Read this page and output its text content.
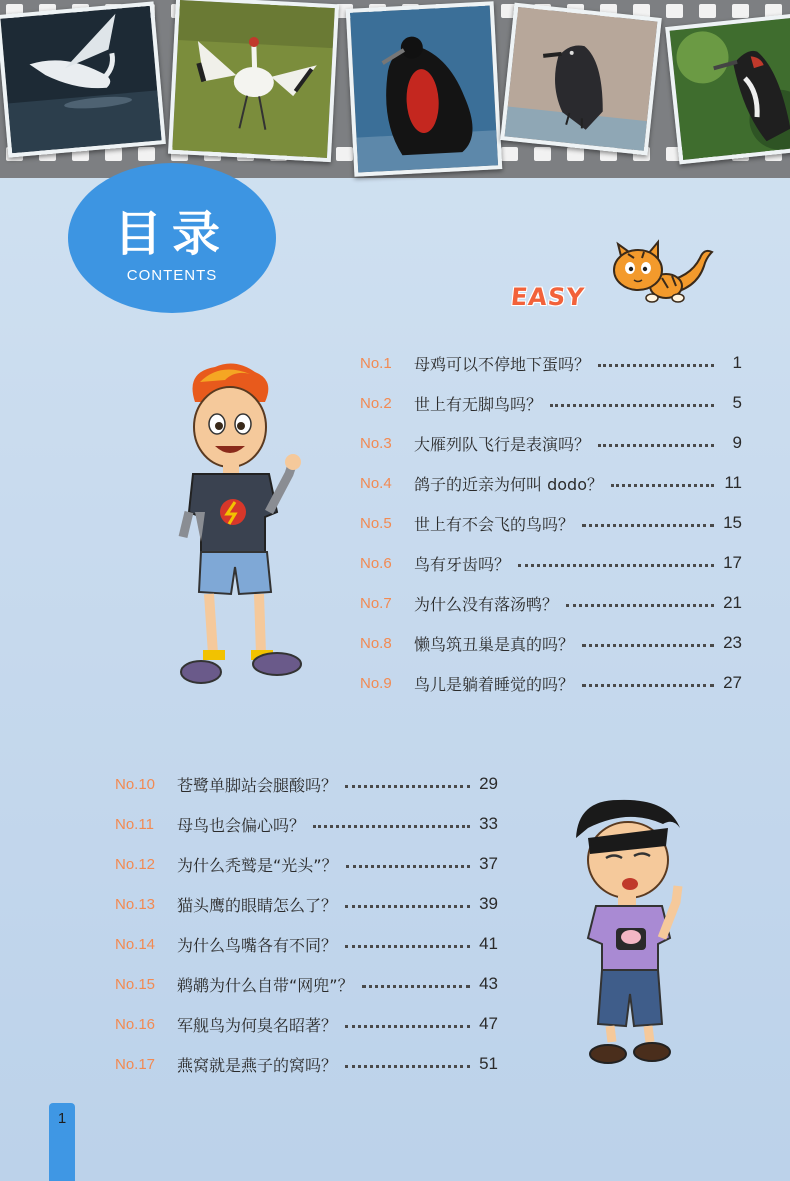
目录
CONTENTS
EASY
No.1	母鸡可以不停地下蛋吗？	1
No.2	世上有无脚鸟吗？	5
No.3	大雁列队飞行是表演吗？	9
No.4	鸽子的近亲为何叫 dodo？	11
No.5	世上有不会飞的鸟吗？	15
No.6	鸟有牙齿吗？	17
No.7	为什么没有落汤鸭？	21
No.8	懒鸟筑丑巢是真的吗？	23
No.9	鸟儿是躺着睡觉的吗？	27
No.10	苍鹭单脚站会腿酸吗？	29
No.11	母鸟也会偏心吗？	33
No.12	为什么秃鹫是“光头”？	37
No.13	猫头鹰的眼睛怎么了？	39
No.14	为什么鸟嘴各有不同？	41
No.15	鹈鹕为什么自带“网兜”？	43
No.16	军舰鸟为何臭名昭著？	47
No.17	燕窝就是燕子的窝吗？	51
1
